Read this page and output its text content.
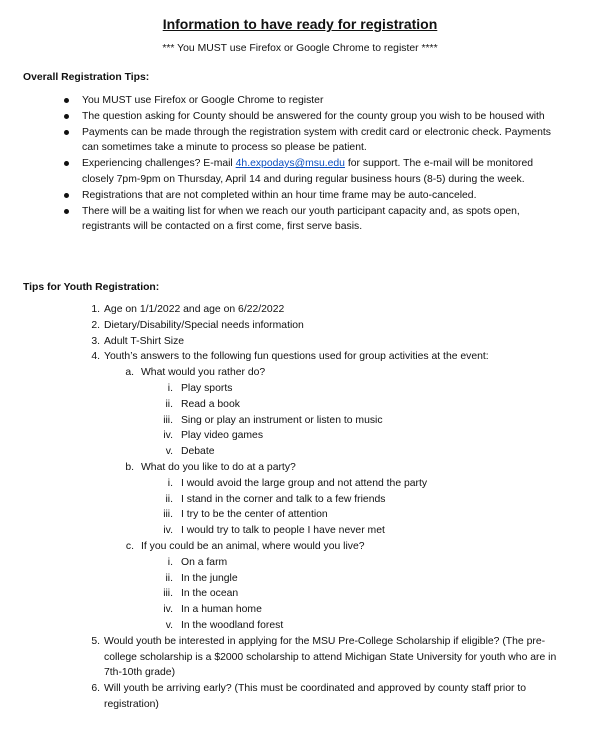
Information to have ready for registration
*** You MUST use Firefox or Google Chrome to register ****
Overall Registration Tips:
You MUST use Firefox or Google Chrome to register
The question asking for County should be answered for the county group you wish to be housed with
Payments can be made through the registration system with credit card or electronic check. Payments can sometimes take a minute to process so please be patient.
Experiencing challenges? E-mail 4h.expodays@msu.edu for support. The e-mail will be monitored closely 7pm-9pm on Thursday, April 14 and during regular business hours (8-5) during the week.
Registrations that are not completed within an hour time frame may be auto-canceled.
There will be a waiting list for when we reach our youth participant capacity and, as spots open, registrants will be contacted on a first come, first serve basis.
Tips for Youth Registration:
1. Age on 1/1/2022 and age on 6/22/2022
2. Dietary/Disability/Special needs information
3. Adult T-Shirt Size
4. Youth’s answers to the following fun questions used for group activities at the event:
a. What would you rather do?
i. Play sports
ii. Read a book
iii. Sing or play an instrument or listen to music
iv. Play video games
v. Debate
b. What do you like to do at a party?
i. I would avoid the large group and not attend the party
ii. I stand in the corner and talk to a few friends
iii. I try to be the center of attention
iv. I would try to talk to people I have never met
c. If you could be an animal, where would you live?
i. On a farm
ii. In the jungle
iii. In the ocean
iv. In a human home
v. In the woodland forest
5. Would youth be interested in applying for the MSU Pre-College Scholarship if eligible? (The pre-college scholarship is a $2000 scholarship to attend Michigan State University for youth who are in 7th-10th grade)
6. Will youth be arriving early? (This must be coordinated and approved by county staff prior to registration)
